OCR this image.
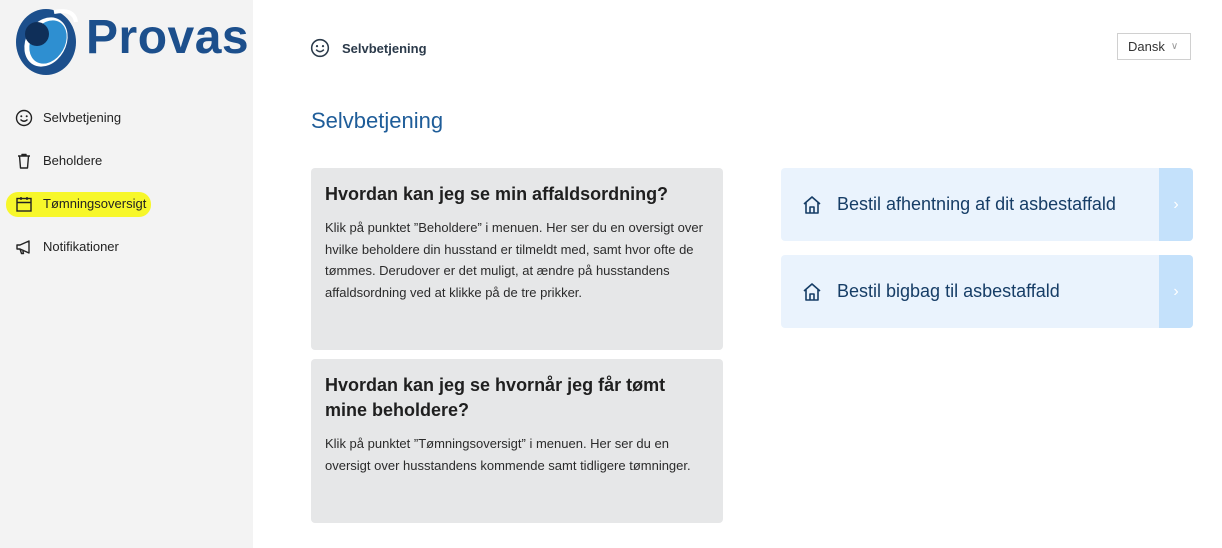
Provas
Selvbetjening
Beholdere
Tømningsoversigt
Notifikationer
Selvbetjening	Dansk ∨
Selvbetjening
Hvordan kan jeg se min affaldsordning?

Klik på punktet ”Beholdere” i menuen. Her ser du en oversigt over hvilke beholdere din husstand er tilmeldt med, samt hvor ofte de tømmes. Derudover er det muligt, at ændre på husstandens affaldsordning ved at klikke på de tre prikker.

Hvordan kan jeg se hvornår jeg får tømt mine beholdere?

Klik på punktet ”Tømningsoversigt” i menuen. Her ser du en oversigt over husstandens kommende samt tidligere tømninger.

Bestil afhentning af dit asbestaffald	›
Bestil bigbag til asbestaffald	›
